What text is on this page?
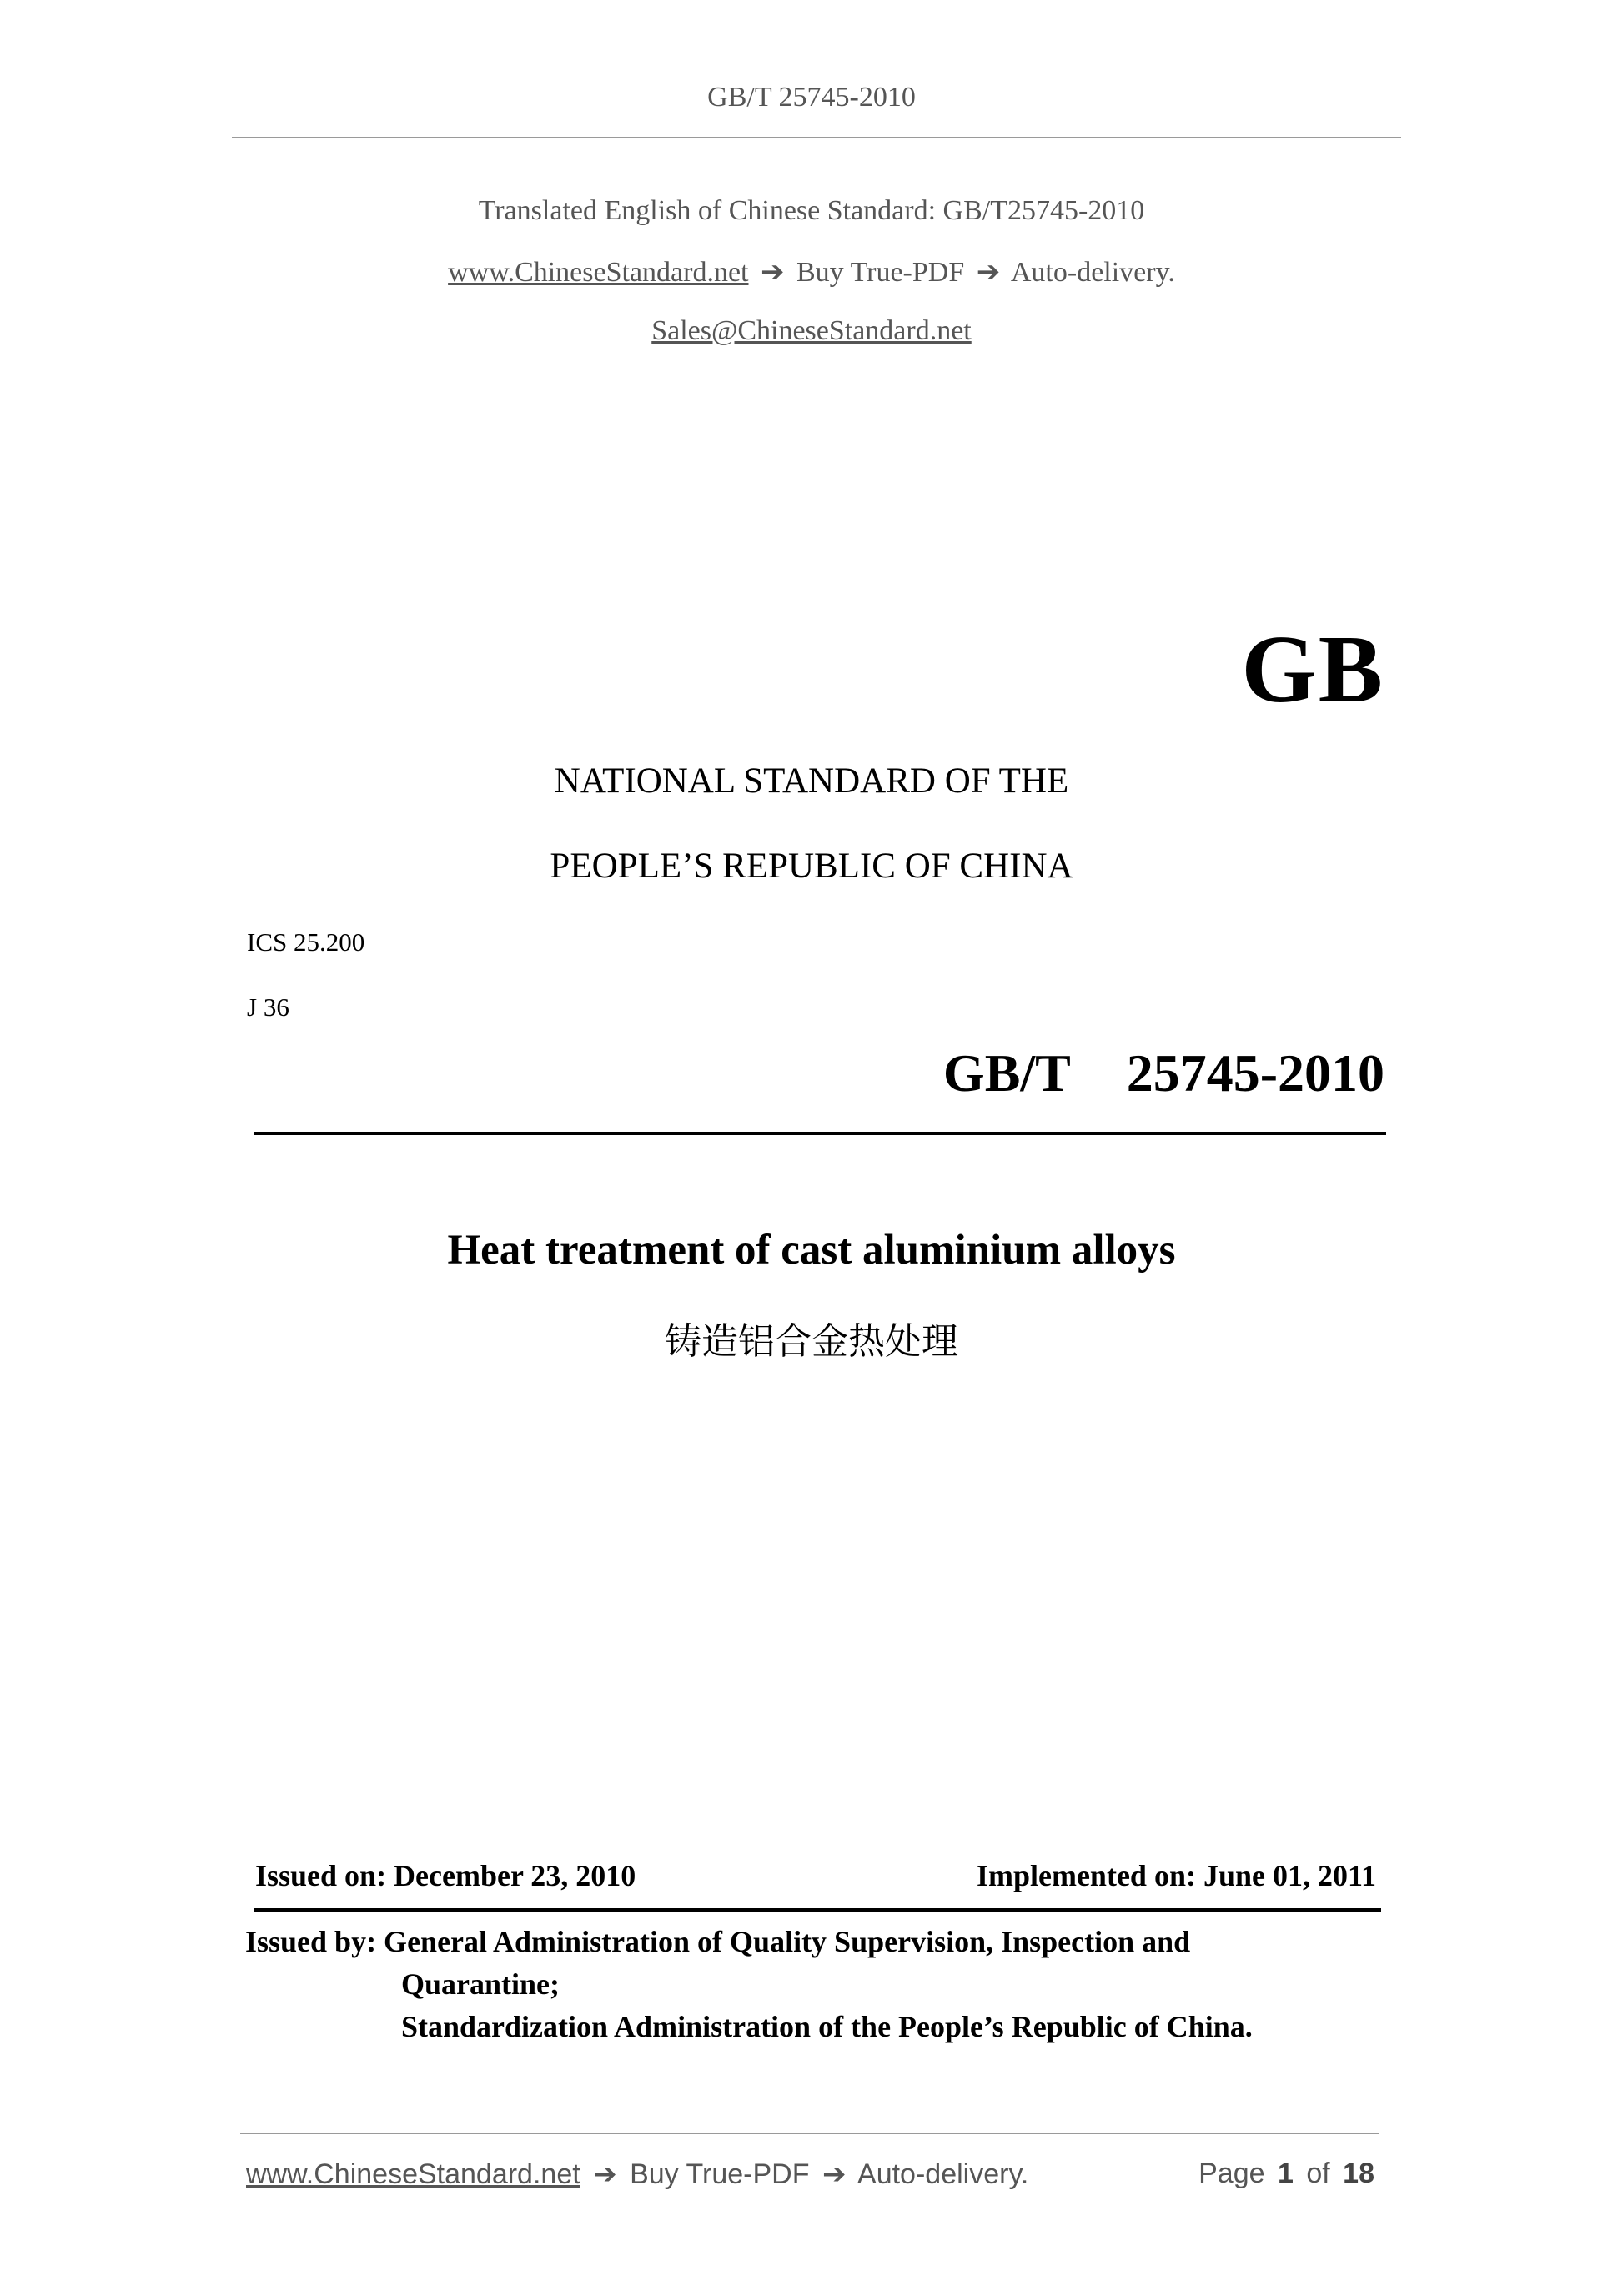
GB/T 25745-2010
Translated English of Chinese Standard: GB/T25745-2010
www.ChineseStandard.net ➔ Buy True-PDF ➔ Auto-delivery.
Sales@ChineseStandard.net
GB
NATIONAL STANDARD OF THE
PEOPLE’S REPUBLIC OF CHINA
ICS 25.200
J 36
GB/T  25745-2010
Heat treatment of cast aluminium alloys
铸造铝合金热处理
Issued on: December 23, 2010	Implemented on: June 01, 2011
Issued by: General Administration of Quality Supervision, Inspection and
Quarantine;
Standardization Administration of the People’s Republic of China.
www.ChineseStandard.net ➔ Buy True-PDF ➔ Auto-delivery.	Page 1 of 18
